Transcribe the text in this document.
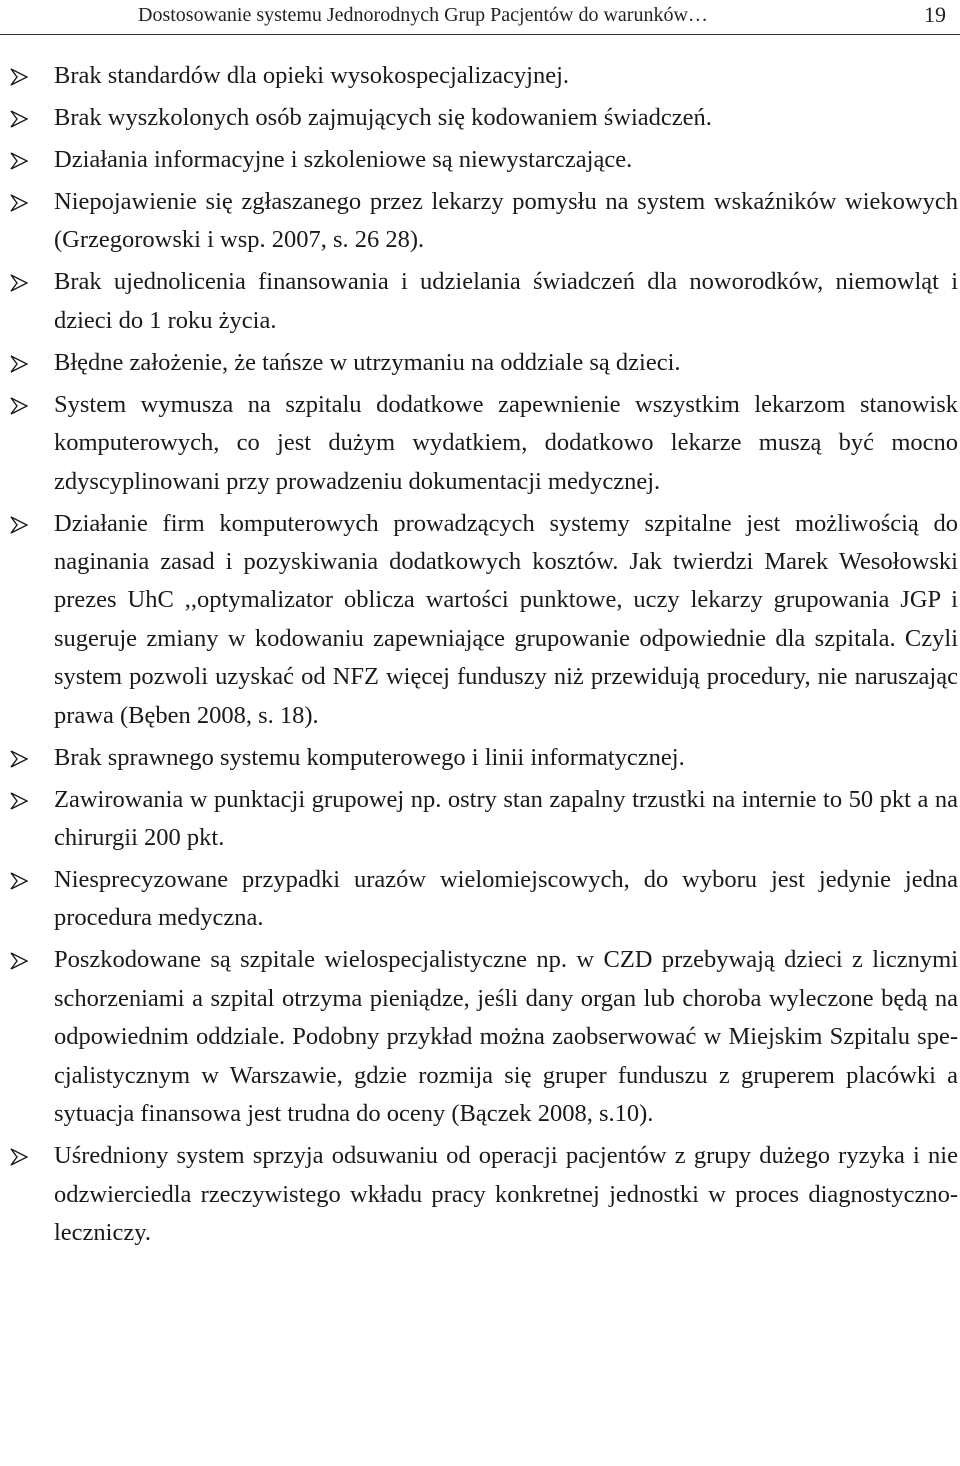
Dostosowanie systemu Jednorodnych Grup Pacjentów do warunków…	19
Brak standardów dla opieki wysokospecjalizacyjnej.
Brak wyszkolonych osób zajmujących się kodowaniem świadczeń.
Działania informacyjne i szkoleniowe są niewystarczające.
Niepojawienie się zgłaszanego przez lekarzy pomysłu na system wskaźników wiekowych (Grzegorowski i wsp. 2007, s. 26 28).
Brak ujednolicenia finansowania i udzielania świadczeń dla noworodków, niemowląt i dzieci do 1 roku życia.
Błędne założenie, że tańsze w utrzymaniu na oddziale są dzieci.
System wymusza na szpitalu dodatkowe zapewnienie wszystkim lekarzom stanowisk komputerowych, co jest dużym wydatkiem, dodatkowo lekarze muszą być mocno zdyscyplinowani przy prowadzeniu dokumentacji medycznej.
Działanie firm komputerowych prowadzących systemy szpitalne jest możliwością do naginania zasad i pozyskiwania dodatkowych kosztów. Jak twierdzi Marek Wesołowski prezes UhC ,,optymalizator oblicza wartości punktowe, uczy lekarzy grupowania JGP i sugeruje zmiany w kodowaniu zapewniające grupowanie odpowiednie dla szpitala. Czyli system pozwoli uzyskać od NFZ więcej funduszy niż przewidują procedury, nie naruszając prawa (Bęben 2008, s. 18).
Brak sprawnego systemu komputerowego i linii informatycznej.
Zawirowania w punktacji grupowej np. ostry stan zapalny trzustki na internie to 50 pkt a na chirurgii 200 pkt.
Niesprecyzowane przypadki urazów wielomiejscowych, do wyboru jest jedynie jedna procedura medyczna.
Poszkodowane są szpitale wielospecjalistyczne np. w CZD przebywają dzieci z licznymi schorzeniami a szpital otrzyma pieniądze, jeśli dany organ lub choroba wyleczone będą na odpowiednim oddziale. Podobny przykład można zaobserwować w Miejskim Szpitalu specjalistycznym w Warszawie, gdzie rozmija się gruper funduszu z gruperem placówki a sytuacja finansowa jest trudna do oceny (Bączek 2008, s.10).
Uśredniony system sprzyja odsuwaniu od operacji pacjentów z grupy dużego ryzyka i nie odzwierciedla rzeczywistego wkładu pracy konkretnej jednostki w proces diagnostyczno-leczniczy.
